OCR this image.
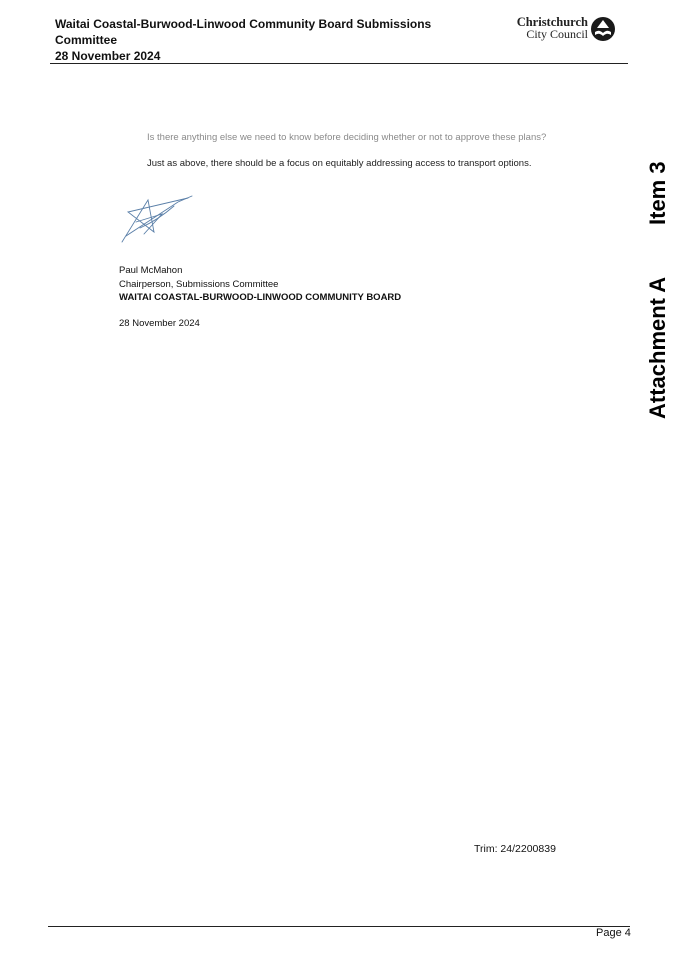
Waitai Coastal-Burwood-Linwood Community Board Submissions Committee
28 November 2024
Christchurch
City Council
Item 3
Attachment A
Is there anything else we need to know before deciding whether or not to approve these plans?
Just as above, there should be a focus on equitably addressing access to transport options.
Paul McMahon
Chairperson, Submissions Committee
WAITAI COASTAL-BURWOOD-LINWOOD COMMUNITY BOARD
28 November 2024
Trim: 24/2200839
Page 4
